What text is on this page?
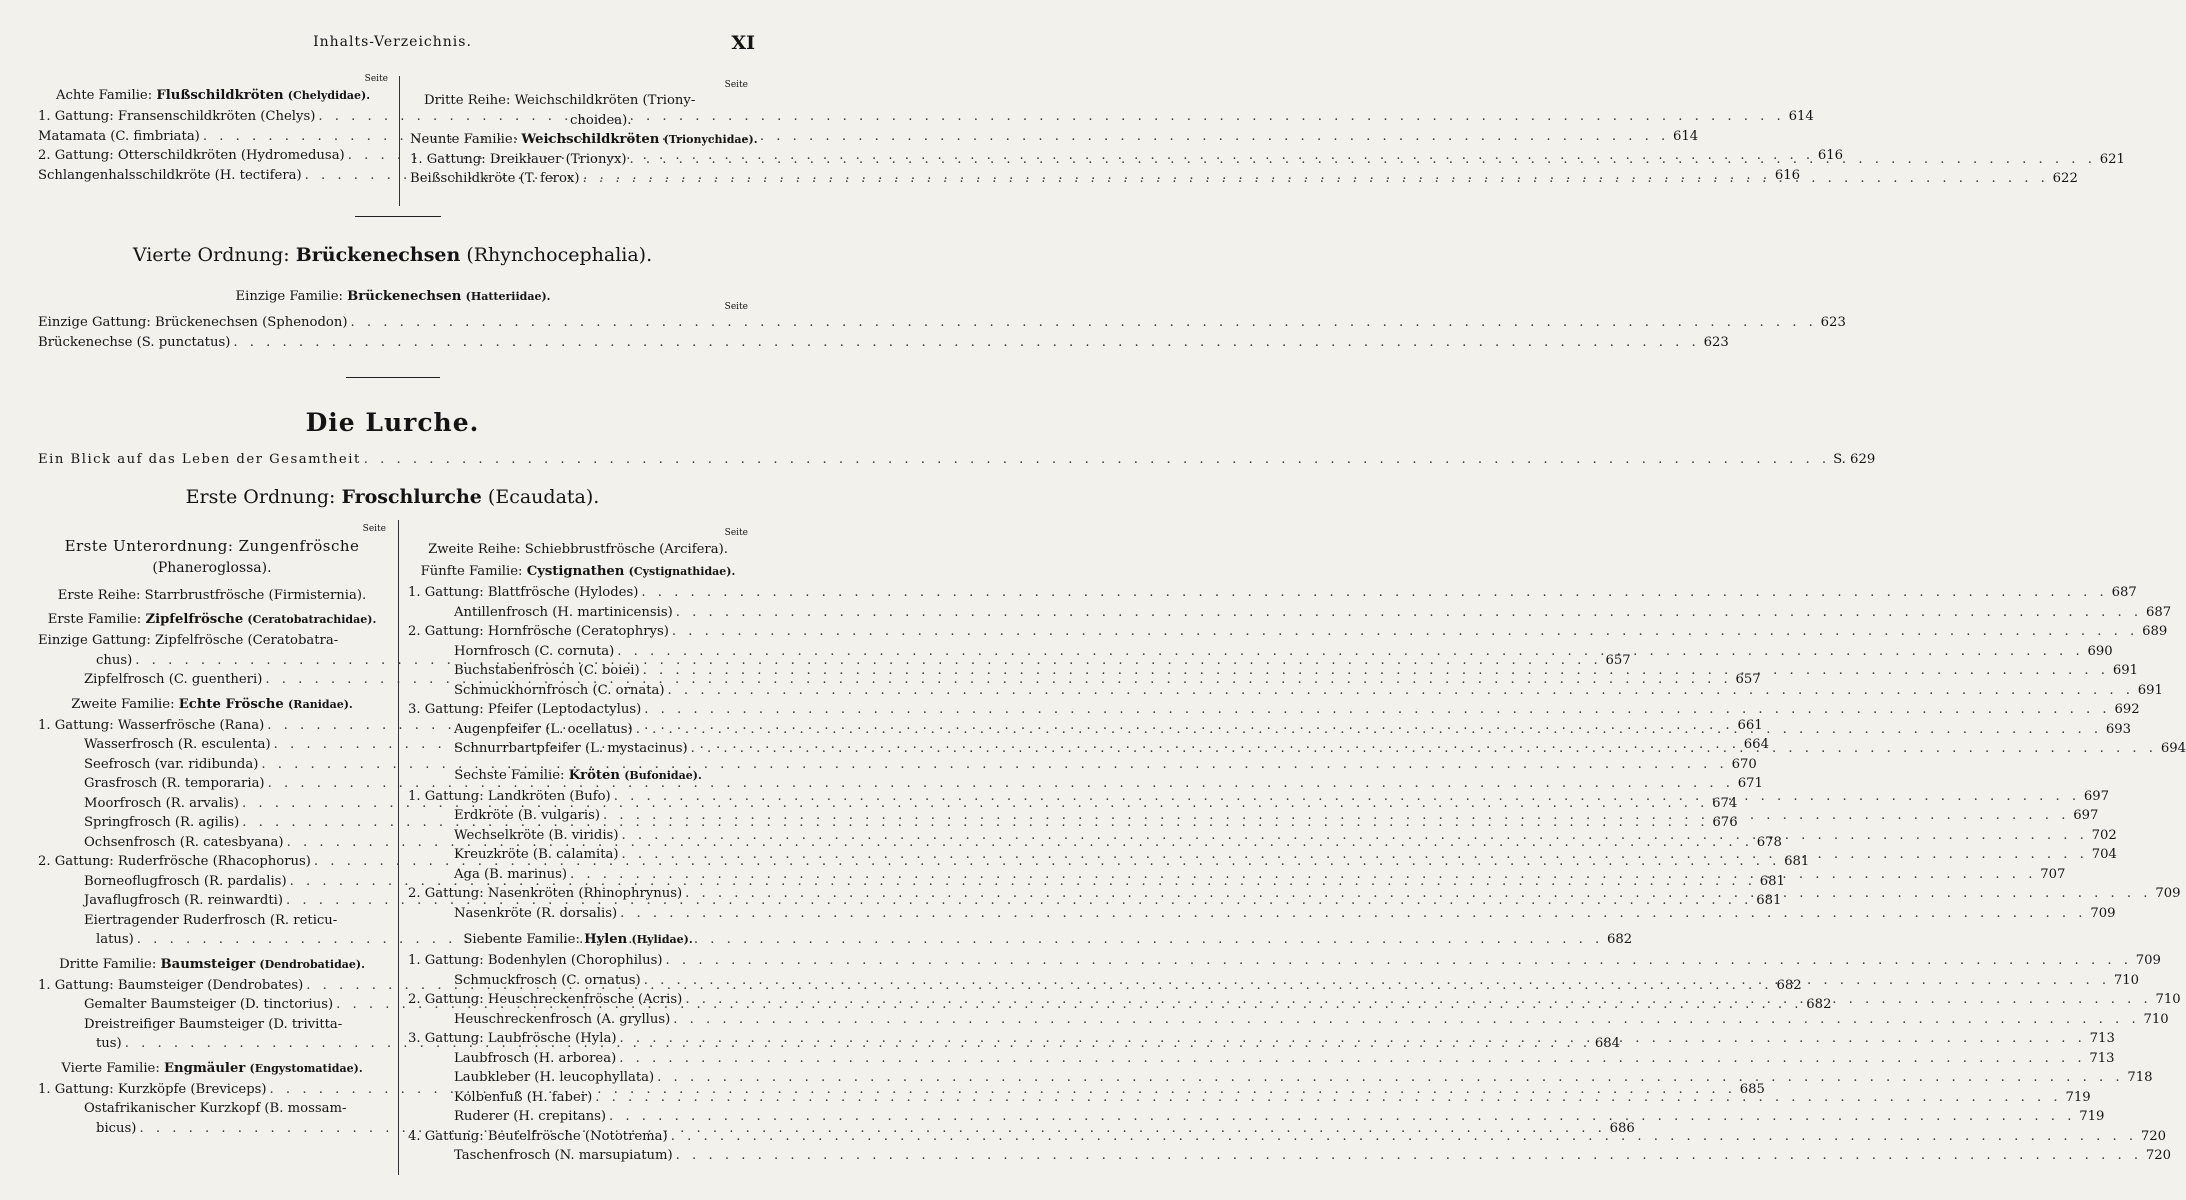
Inhalts-Verzeichnis.	XI
Seite
Achte Familie: Flußschildkröten (Chelydidae).
1. Gattung: Fransenschildkröten (Chelys) . . .	614
Matamata (C. fimbriata) . . .	614
2. Gattung: Otterschildkröten (Hydromedusa) . . .	616
Schlangenhalsschildkröte (H. tectifera) . . .	616
Seite
Dritte Reihe: Weichschildkröten (Triony-
choidea).
Neunte Familie: Weichschildkröten (Trionychidae).
1. Gattung: Dreiklauer (Trionyx) . . .	621
Beißschildkröte (T. ferox) . . .	622
Vierte Ordnung: Brückenechsen (Rhynchocephalia).
Einzige Familie: Brückenechsen (Hatteriidae).
Seite
Einzige Gattung: Brückenechsen (Sphenodon) . . .	623
Brückenechse (S. punctatus) . . .	623
Die Lurche.
Ein Blick auf das Leben der Gesamtheit . . .	S. 629
Erste Ordnung: Froschlurche (Ecaudata).
Seite
Erste Unterordnung: Zungenfrösche
(Phaneroglossa).
Erste Reihe: Starrbrustfrösche (Firmisternia).
Erste Familie: Zipfelfrösche (Ceratobatrachidae).
Einzige Gattung: Zipfelfrösche (Ceratobatra-
chus) . . .	657
Zipfelfrosch (C. guentheri) . . .	657
Zweite Familie: Echte Frösche (Ranidae).
1. Gattung: Wasserfrösche (Rana) . . .	661
Wasserfrosch (R. esculenta) . . .	664
Seefrosch (var. ridibunda) . . .	670
Grasfrosch (R. temporaria) . . .	671
Moorfrosch (R. arvalis) . . .	674
Springfrosch (R. agilis) . . .	676
Ochsenfrosch (R. catesbyana) . . .	678
2. Gattung: Ruderfrösche (Rhacophorus) . . .	681
Borneoflugfrosch (R. pardalis) . . .	681
Javaflugfrosch (R. reinwardti) . . .	681
Eiertragender Ruderfrosch (R. reticu-
latus) . . .	682
Dritte Familie: Baumsteiger (Dendrobatidae).
1. Gattung: Baumsteiger (Dendrobates) . . .	682
Gemalter Baumsteiger (D. tinctorius) . . .	682
Dreistreifiger Baumsteiger (D. trivitta-
tus) . . .	684
Vierte Familie: Engmäuler (Engystomatidae).
1. Gattung: Kurzköpfe (Breviceps) . . .	685
Ostafrikanischer Kurzkopf (B. mossam-
bicus) . . .	686
Seite
Zweite Reihe: Schiebbrustfrösche (Arcifera).
Fünfte Familie: Cystignathen (Cystignathidae).
1. Gattung: Blattfrösche (Hylodes) . . .	687
Antillenfrosch (H. martinicensis) . . .	687
2. Gattung: Hornfrösche (Ceratophrys) . . .	689
Hornfrosch (C. cornuta) . . .	690
Buchstabenfrosch (C. boiei) . . .	691
Schmuckhornfrosch (C. ornata) . . .	691
3. Gattung: Pfeifer (Leptodactylus) . . .	692
Augenpfeifer (L. ocellatus) . . .	693
Schnurrbartpfeifer (L. mystacinus) . . .	694
Sechste Familie: Kröten (Bufonidae).
1. Gattung: Landkröten (Bufo) . . .	697
Erdkröte (B. vulgaris) . . .	697
Wechselkröte (B. viridis) . . .	702
Kreuzkröte (B. calamita) . . .	704
Aga (B. marinus) . . .	707
2. Gattung: Nasenkröten (Rhinophrynus) . . .	709
Nasenkröte (R. dorsalis) . . .	709
Siebente Familie: Hylen (Hylidae).
1. Gattung: Bodenhylen (Chorophilus) . . .	709
Schmuckfrosch (C. ornatus) . . .	710
2. Gattung: Heuschreckenfrösche (Acris) . . .	710
Heuschreckenfrosch (A. gryllus) . . .	710
3. Gattung: Laubfrösche (Hyla) . . .	713
Laubfrosch (H. arborea) . . .	713
Laubkleber (H. leucophyllata) . . .	718
Kolbenfuß (H. faber) . . .	719
Ruderer (H. crepitans) . . .	719
4. Gattung: Beutelfrösche (Nototrema) . . .	720
Taschenfrosch (N. marsupiatum) . . .	720
